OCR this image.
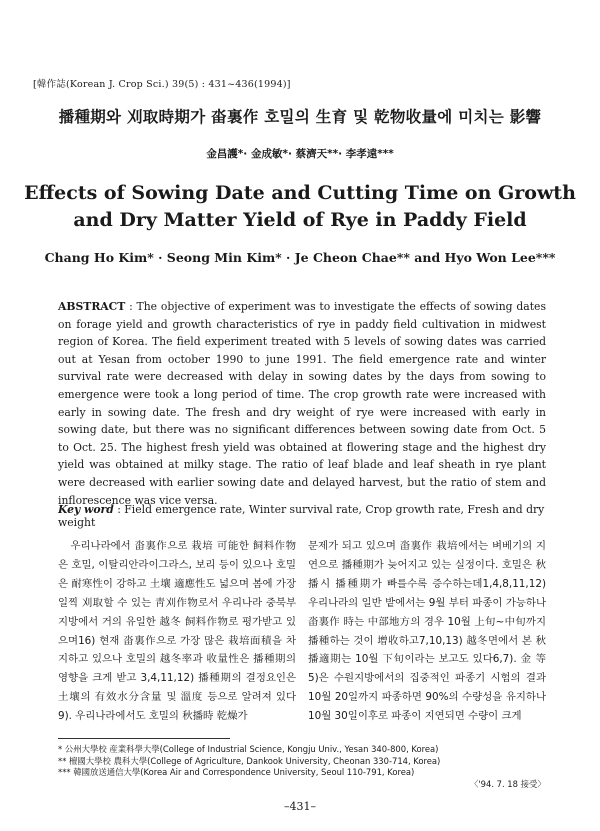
[韓作誌(Korean J. Crop Sci.) 39(5) : 431~436(1994)]
播種期와 刈取時期가 畓裏作 호밀의 生育 및 乾物收量에 미치는 影響
金昌護*· 金成敏*· 蔡濟天**· 李孝遠***
Effects of Sowing Date and Cutting Time on Growth
and Dry Matter Yield of Rye in Paddy Field
Chang Ho Kim* · Seong Min Kim* · Je Cheon Chae** and Hyo Won Lee***
ABSTRACT : The objective of experiment was to investigate the effects of sowing dates on forage yield and growth characteristics of rye in paddy field cultivation in midwest region of Korea. The field experiment treated with 5 levels of sowing dates was carried out at Yesan from october 1990 to june 1991. The field emergence rate and winter survival rate were decreased with delay in sowing dates by the days from sowing to emergence were took a long period of time. The crop growth rate were increased with early in sowing date. The fresh and dry weight of rye were increased with early in sowing date, but there was no significant differences between sowing date from Oct. 5 to Oct. 25. The highest fresh yield was obtained at flowering stage and the highest dry yield was obtained at milky stage. The ratio of leaf blade and leaf sheath in rye plant were decreased with earlier sowing date and delayed harvest, but the ratio of stem and inflorescence was vice versa.
Key word : Field emergence rate, Winter survival rate, Crop growth rate, Fresh and dry weight

우리나라에서 畓裏作으로 栽培 可能한 飼料作物은 호밀, 이탈리안라이그라스, 보리 등이 있으나 호밀은 耐寒性이 강하고 土壤 適應性도 넓으며 봄에 가장 일찍 刈取할 수 있는 靑刈作物로서 우리나라 중북부지방에서 거의 유일한 越冬 飼料作物로 평가받고 있으며16) 현재 畓裏作으로 가장 많은 栽培面積을 차지하고 있으나 호밀의 越冬率과 收量性은 播種期의 영향을 크게 받고 3,4,11,12) 播種期의 결정요인은 土壤의 有效水分含量 및 溫度 등으로 알려져 있다9). 우리나라에서도 호밀의 秋播時 乾燥가

문제가 되고 있으며 畓裏作 栽培에서는 벼베기의 지연으로 播種期가 늦어지고 있는 실정이다. 호밀은 秋播시 播種期가 빠를수록 증수하는데1,4,8,11,12) 우리나라의 일반 밭에서는 9월 부터 파종이 가능하나 畓裏作 時는 中部地方의 경우 10월 上旬~中旬까지 播種하는 것이 增收하고7,10,13) 越冬면에서 본 秋播適期는 10월 下旬이라는 보고도 있다6,7). 金 等5)은 수원지방에서의 집중적인 파종기 시험의 결과 10월 20일까지 파종하면 90%의 수량성을 유지하나 10월 30일이후로 파종이 지연되면 수량이 크게

* 公州大學校 産業科學大學(College of Industrial Science, Kongju Univ., Yesan 340-800, Korea)
** 檀國大學校 農科大學(College of Agriculture, Dankook University, Cheonan 330-714, Korea)
*** 韓國放送通信大學(Korea Air and Correspondence University, Seoul 110-791, Korea)
〈'94. 7. 18 接受〉
–431–
